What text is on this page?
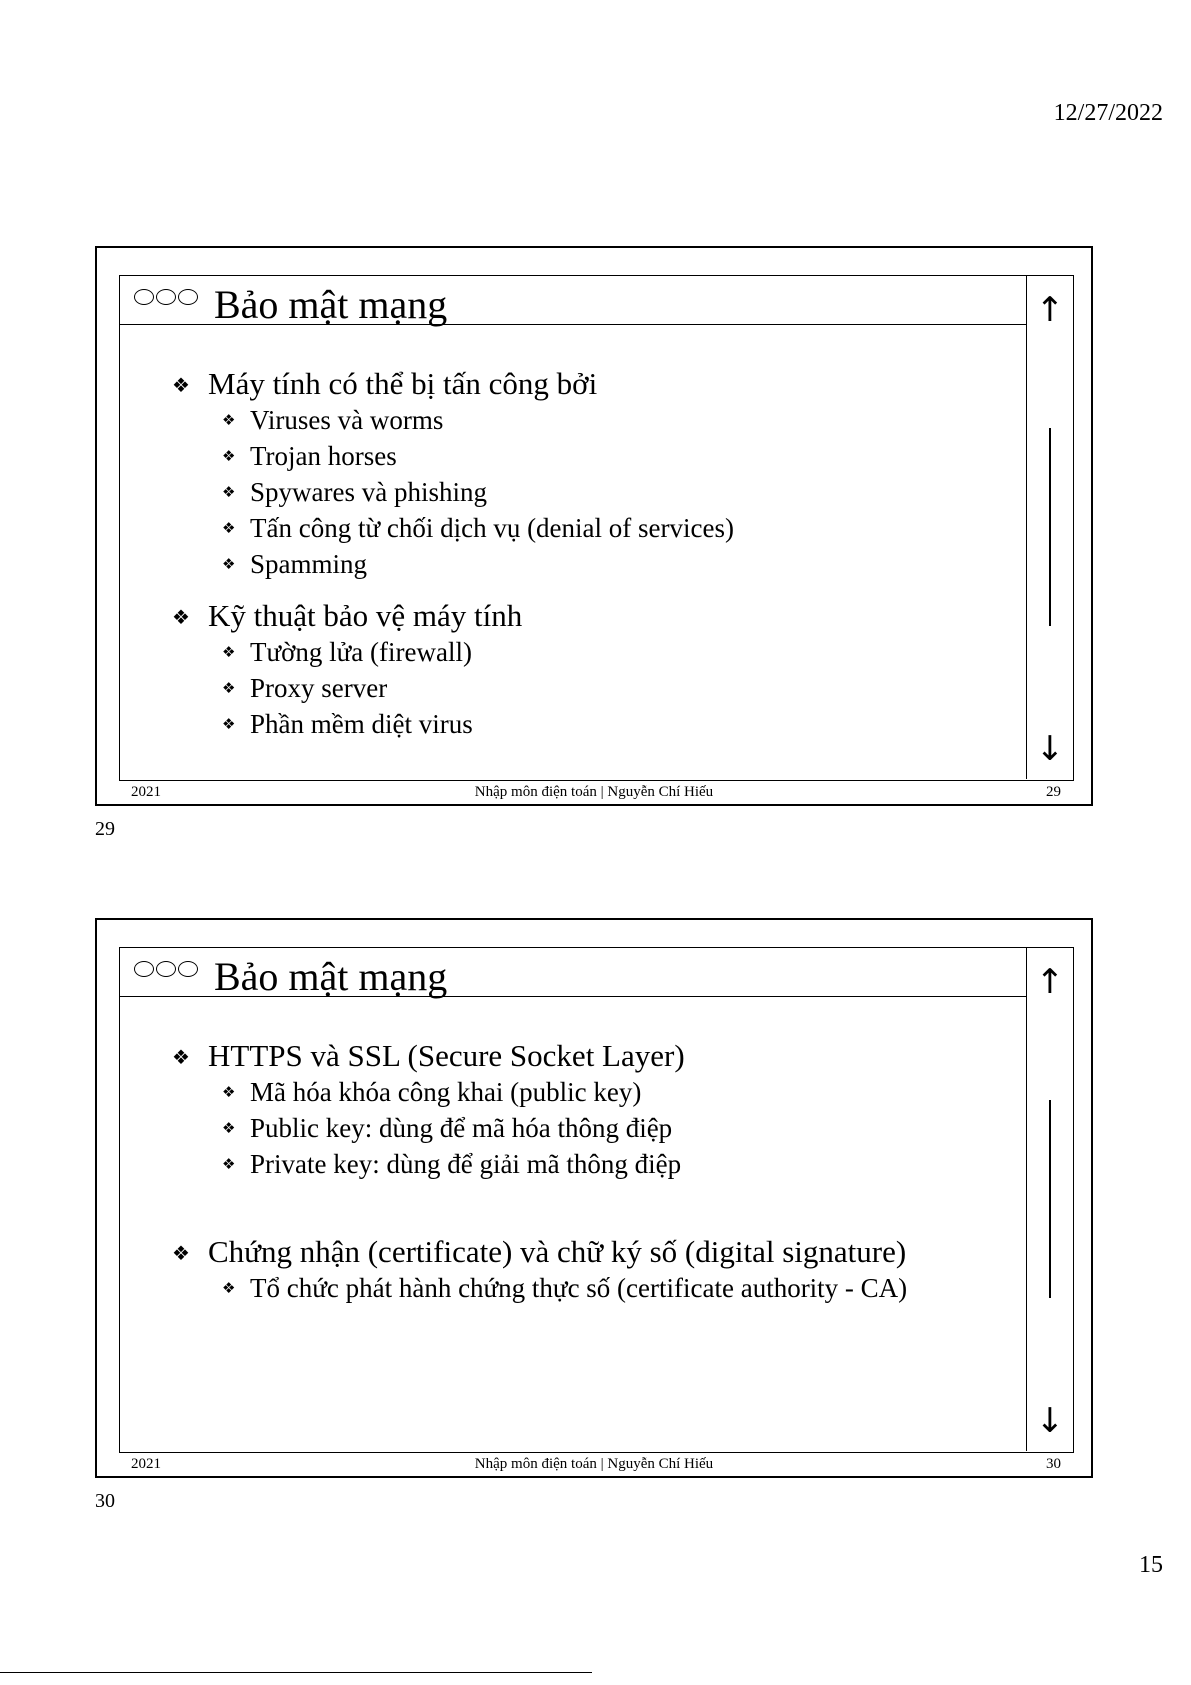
12/27/2022
Bảo mật mạng
❖ Máy tính có thể bị tấn công bởi
❖ Viruses và worms
❖ Trojan horses
❖ Spywares và phishing
❖ Tấn công từ chối dịch vụ (denial of services)
❖ Spamming
❖ Kỹ thuật bảo vệ máy tính
❖ Tường lửa (firewall)
❖ Proxy server
❖ Phần mềm diệt virus
↑
↓
2021	Nhập môn điện toán | Nguyễn Chí Hiếu	29
29
Bảo mật mạng
❖ HTTPS và SSL (Secure Socket Layer)
❖ Mã hóa khóa công khai (public key)
❖ Public key: dùng để mã hóa thông điệp
❖ Private key: dùng để giải mã thông điệp
❖ Chứng nhận (certificate) và chữ ký số (digital signature)
❖ Tổ chức phát hành chứng thực số (certificate authority - CA)
↑
↓
2021	Nhập môn điện toán | Nguyễn Chí Hiếu	30
30
15
